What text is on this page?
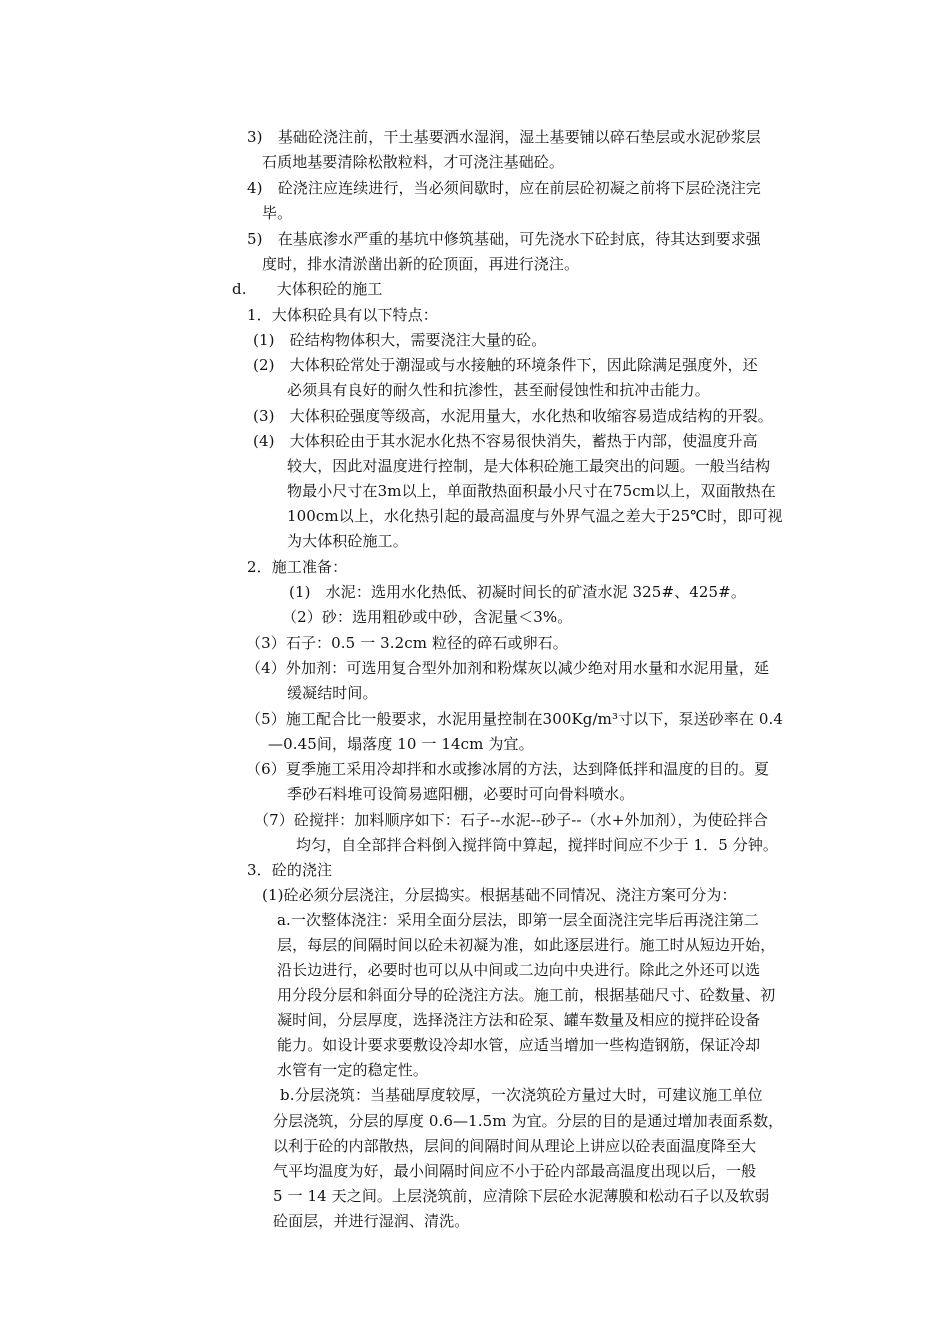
3)　基础砼浇注前，干土基要洒水湿润，湿土基要铺以碎石垫层或水泥砂浆层
石质地基要清除松散粒料，才可浇注基础砼。
4)　砼浇注应连续进行，当必须间歇时，应在前层砼初凝之前将下层砼浇注完
毕。
5)　在基底渗水严重的基坑中修筑基础，可先浇水下砼封底，待其达到要求强
度时，排水清淤凿出新的砼顶面，再进行浇注。
d.　　大体积砼的施工
1．大体积砼具有以下特点：
(1)　砼结构物体积大，需要浇注大量的砼。
(2)　大体积砼常处于潮湿或与水接触的环境条件下，因此除满足强度外，还
必须具有良好的耐久性和抗渗性，甚至耐侵蚀性和抗冲击能力。
(3)　大体积砼强度等级高，水泥用量大，水化热和收缩容易造成结构的开裂。
(4)　大体积砼由于其水泥水化热不容易很快消失，蓄热于内部，使温度升高
较大，因此对温度进行控制，是大体积砼施工最突出的问题。一般当结构
物最小尺寸在3m以上，单面散热面积最小尺寸在75cm以上，双面散热在
100cm以上，水化热引起的最高温度与外界气温之差大于25℃时，即可视
为大体积砼施工。
2．施工准备：
(1)　水泥：选用水化热低、初凝时间长的矿渣水泥 325#、425#。
（2）砂：选用粗砂或中砂，含泥量＜3%。
（3）石子：0.5 一 3.2cm 粒径的碎石或卵石。
（4）外加剂：可选用复合型外加剂和粉煤灰以减少绝对用水量和水泥用量，延
缓凝结时间。
（5）施工配合比一般要求，水泥用量控制在300Kg/m³寸以下，泵送砂率在 0.4
—0.45间，塌落度 10 一 14cm 为宜。
（6）夏季施工采用冷却拌和水或掺冰屑的方法，达到降低拌和温度的目的。夏
季砂石料堆可设简易遮阳棚，必要时可向骨料喷水。
（7）砼搅拌：加料顺序如下：石子--水泥--砂子--（水+外加剂），为使砼拌合
均匀，自全部拌合料倒入搅拌筒中算起，搅拌时间应不少于 1．5 分钟。
3．砼的浇注
(1)砼必须分层浇注，分层捣实。根据基础不同情况、浇注方案可分为：
a.一次整体浇注：采用全面分层法，即第一层全面浇注完毕后再浇注第二
层，每层的间隔时间以砼未初凝为准，如此逐层进行。施工时从短边开始，
沿长边进行，必要时也可以从中间或二边向中央进行。除此之外还可以选
用分段分层和斜面分导的砼浇注方法。施工前，根据基础尺寸、砼数量、初
凝时间，分层厚度，选择浇注方法和砼泵、罐车数量及相应的搅拌砼设备
能力。如设计要求要敷设冷却水管，应适当增加一些构造钢筋，保证冷却
水管有一定的稳定性。
b.分层浇筑：当基础厚度较厚，一次浇筑砼方量过大时，可建议施工单位
分层浇筑，分层的厚度 0.6—1.5m 为宜。分层的目的是通过增加表面系数，
以利于砼的内部散热，层间的间隔时间从理论上讲应以砼表面温度降至大
气平均温度为好，最小间隔时间应不小于砼内部最高温度出现以后，一般
5 一 14 天之间。上层浇筑前，应清除下层砼水泥薄膜和松动石子以及软弱
砼面层，并进行湿润、清洗。
